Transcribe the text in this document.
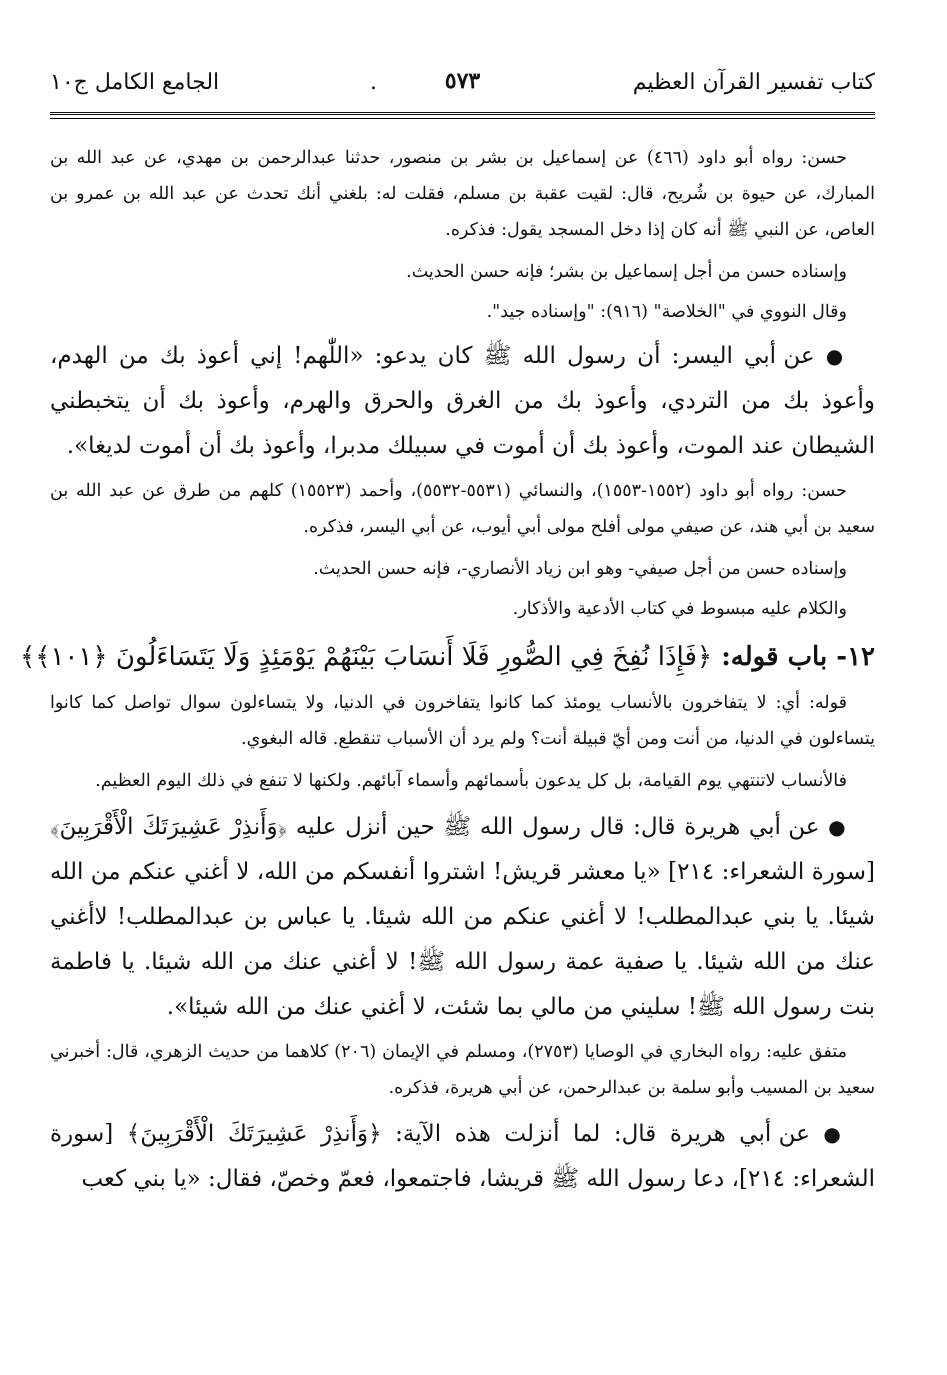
كتاب تفسير القرآن العظيم
٥٧٣
.
الجامع الكامل ج١٠

حسن: رواه أبو داود (٤٦٦) عن إسماعيل بن بشر بن منصور، حدثنا عبدالرحمن بن مهدي، عن عبد الله بن المبارك، عن حيوة بن شُريح، قال: لقيت عقبة بن مسلم، فقلت له: بلغني أنك تحدث عن عبد الله بن عمرو بن العاص، عن النبي ﷺ أنه كان إذا دخل المسجد يقول: فذكره.

وإسناده حسن من أجل إسماعيل بن بشر؛ فإنه حسن الحديث.

وقال النووي في "الخلاصة" (٩١٦): "وإسناده جيد".

● عن أبي اليسر: أن رسول الله ﷺ كان يدعو: «اللّٰهم! إني أعوذ بك من الهدم، وأعوذ بك من التردي، وأعوذ بك من الغرق والحرق والهرم، وأعوذ بك أن يتخبطني الشيطان عند الموت، وأعوذ بك أن أموت في سبيلك مدبرا، وأعوذ بك أن أموت لديغا».

حسن: رواه أبو داود (١٥٥٢-١٥٥٣)، والنسائي (٥٥٣١-٥٥٣٢)، وأحمد (١٥٥٢٣) كلهم من طرق عن عبد الله بن سعيد بن أبي هند، عن صيفي مولى أفلح مولى أبي أيوب، عن أبي اليسر، فذكره.

وإسناده حسن من أجل صيفي- وهو ابن زياد الأنصاري-، فإنه حسن الحديث.

والكلام عليه مبسوط في كتاب الأدعية والأذكار.

١٢- باب قوله: ﴿فَإِذَا نُفِخَ فِي الصُّورِ فَلَا أَنسَابَ بَيْنَهُمْ يَوْمَئِذٍ وَلَا يَتَسَاءَلُونَ ﴿١٠١﴾﴾

قوله: أي: لا يتفاخرون بالأنساب يومئذ كما كانوا يتفاخرون في الدنيا، ولا يتساءلون سوال تواصل كما كانوا يتساءلون في الدنيا، من أنت ومن أيّ قبيلة أنت؟ ولم يرد أن الأسباب تنقطع. قاله البغوي.

فالأنساب لاتنتهي يوم القيامة، بل كل يدعون بأسمائهم وأسماء آبائهم. ولكنها لا تنفع في ذلك اليوم العظيم.

● عن أبي هريرة قال: قال رسول الله ﷺ حين أنزل عليه ﴿وَأَنذِرْ عَشِيرَتَكَ الْأَقْرَبِينَ﴾ [سورة الشعراء: ٢١٤] «يا معشر قريش! اشتروا أنفسكم من الله، لا أغني عنكم من الله شيئا. يا بني عبدالمطلب! لا أغني عنكم من الله شيئا. يا عباس بن عبدالمطلب! لاأغني عنك من الله شيئا. يا صفية عمة رسول الله ﷺ! لا أغني عنك من الله شيئا. يا فاطمة بنت رسول الله ﷺ! سليني من مالي بما شئت، لا أغني عنك من الله شيئا».

متفق عليه: رواه البخاري في الوصايا (٢٧٥٣)، ومسلم في الإيمان (٢٠٦) كلاهما من حديث الزهري، قال: أخبرني سعيد بن المسيب وأبو سلمة بن عبدالرحمن، عن أبي هريرة، فذكره.

● عن أبي هريرة قال: لما أنزلت هذه الآية: ﴿وَأَنذِرْ عَشِيرَتَكَ الْأَقْرَبِينَ﴾ [سورة الشعراء: ٢١٤]، دعا رسول الله ﷺ قريشا، فاجتمعوا، فعمّ وخصّ، فقال: «يا بني كعب
